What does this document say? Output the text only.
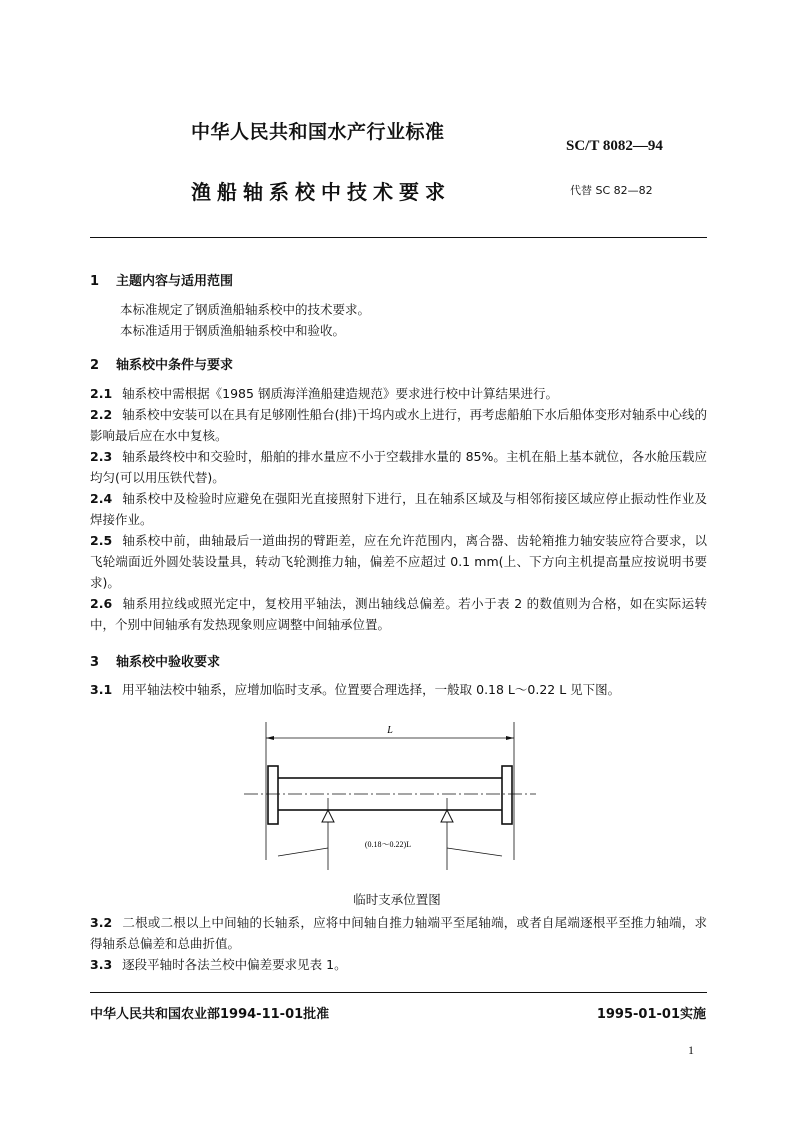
中华人民共和国水产行业标准
SC/T 8082—94
渔船轴系校中技术要求	代替 SC 82—82
1 主题内容与适用范围
本标准规定了钢质渔船轴系校中的技术要求。
本标准适用于钢质渔船轴系校中和验收。
2 轴系校中条件与要求
2.1 轴系校中需根据《1985 钢质海洋渔船建造规范》要求进行校中计算结果进行。
2.2 轴系校中安装可以在具有足够刚性船台(排)干坞内或水上进行，再考虑船舶下水后船体变形对轴系中心线的影响最后应在水中复核。
2.3 轴系最终校中和交验时，船舶的排水量应不小于空载排水量的 85%。主机在船上基本就位，各水舱压载应均匀(可以用压铁代替)。
2.4 轴系校中及检验时应避免在强阳光直接照射下进行，且在轴系区域及与相邻衔接区域应停止振动性作业及焊接作业。
2.5 轴系校中前，曲轴最后一道曲拐的臂距差，应在允许范围内，离合器、齿轮箱推力轴安装应符合要求，以飞轮端面近外圆处装设量具，转动飞轮测推力轴，偏差不应超过 0.1 mm(上、下方向主机提高量应按说明书要求)。
2.6 轴系用拉线或照光定中，复校用平轴法，测出轴线总偏差。若小于表 2 的数值则为合格，如在实际运转中，个别中间轴承有发热现象则应调整中间轴承位置。
3 轴系校中验收要求
3.1 用平轴法校中轴系，应增加临时支承。位置要合理选择，一般取 0.18 L～0.22 L 见下图。
L
(0.18～0.22)L
临时支承位置图
3.2 二根或二根以上中间轴的长轴系，应将中间轴自推力轴端平至尾轴端，或者自尾端逐根平至推力轴端，求得轴系总偏差和总曲折值。
3.3 逐段平轴时各法兰校中偏差要求见表 1。
中华人民共和国农业部1994-11-01批准	1995-01-01实施
1
